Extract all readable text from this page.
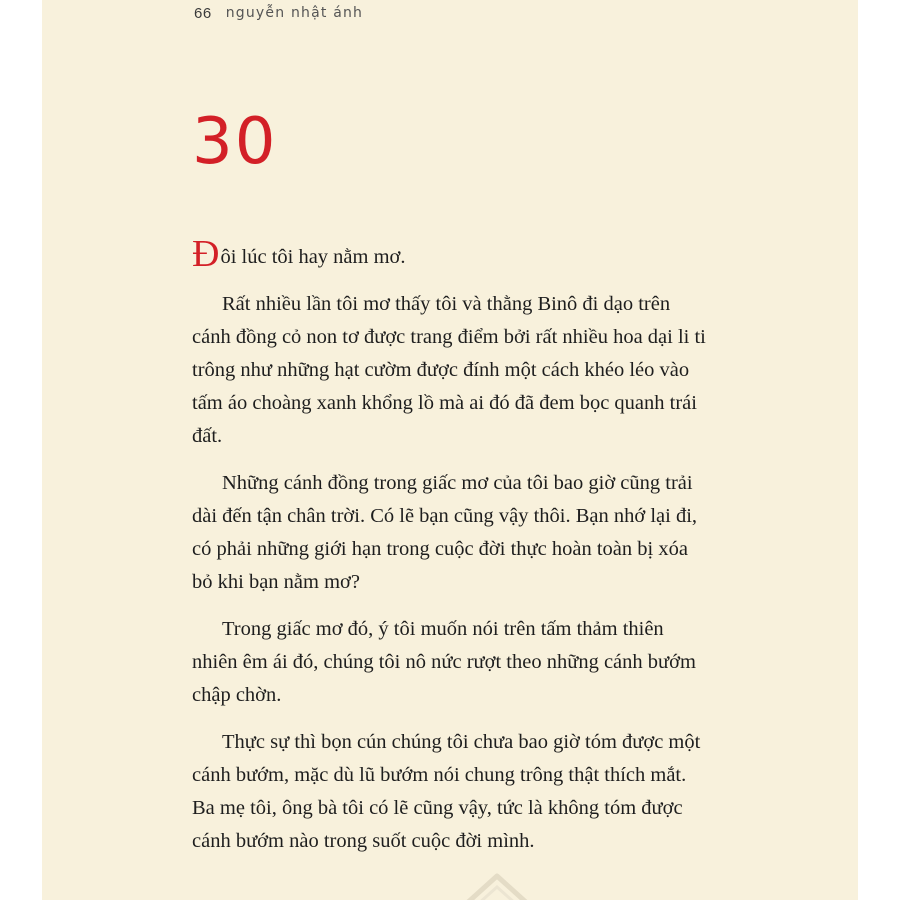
66 nguyễn nhật ánh
30

Đôi lúc tôi hay nằm mơ.

Rất nhiều lần tôi mơ thấy tôi và thằng Binô đi dạo trên cánh đồng cỏ non tơ được trang điểm bởi rất nhiều hoa dại li ti trông như những hạt cườm được đính một cách khéo léo vào tấm áo choàng xanh khổng lồ mà ai đó đã đem bọc quanh trái đất.

Những cánh đồng trong giấc mơ của tôi bao giờ cũng trải dài đến tận chân trời. Có lẽ bạn cũng vậy thôi. Bạn nhớ lại đi, có phải những giới hạn trong cuộc đời thực hoàn toàn bị xóa bỏ khi bạn nằm mơ?

Trong giấc mơ đó, ý tôi muốn nói trên tấm thảm thiên nhiên êm ái đó, chúng tôi nô nức rượt theo những cánh bướm chập chờn.

Thực sự thì bọn cún chúng tôi chưa bao giờ tóm được một cánh bướm, mặc dù lũ bướm nói chung trông thật thích mắt. Ba mẹ tôi, ông bà tôi có lẽ cũng vậy, tức là không tóm được cánh bướm nào trong suốt cuộc đời mình.
